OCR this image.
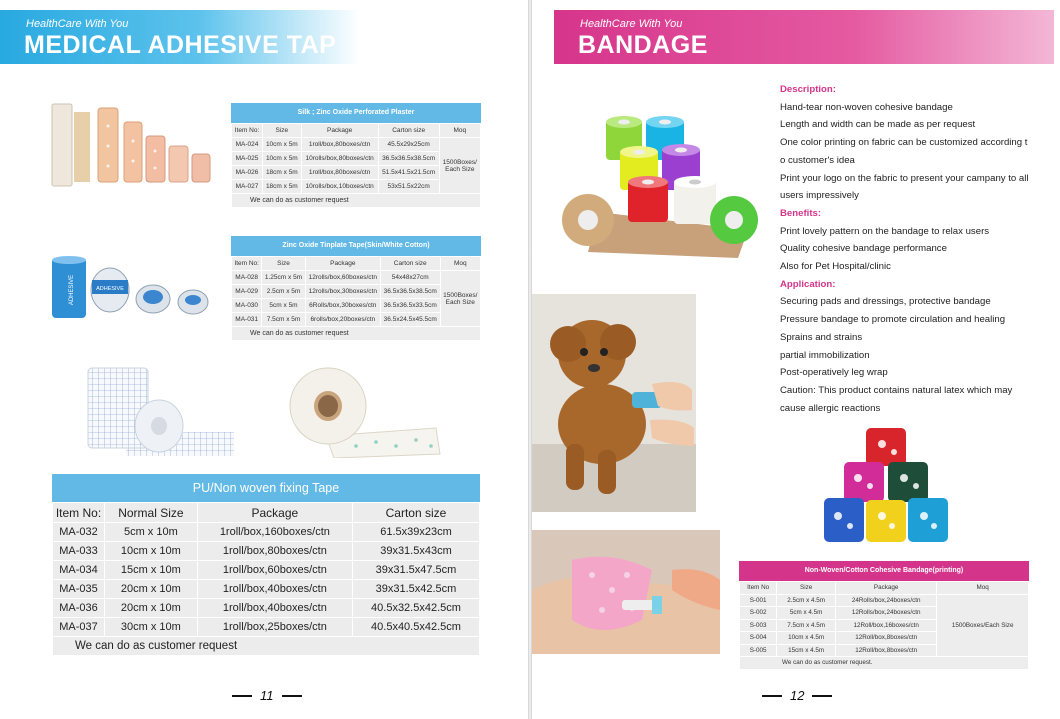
HealthCare With You
MEDICAL ADHESIVE TAP
Silk ; Zinc Oxide Perforated Plaster
Item No:	Size	Package	Carton size	Moq
MA-024	10cm x 5m	1roll/box,80boxes/ctn	45.5x29x25cm	1500Boxes/
Each Size
MA-025	10cm x 5m	10rolls/box,80boxes/ctn	36.5x36.5x38.5cm	
MA-026	18cm x 5m	1roll/box,80boxes/ctn	51.5x41.5x21.5cm	
MA-027	18cm x 5m	10rolls/box,10boxes/ctn	53x51.5x22cm	
We can do as customer request				
ADHESIVE	ADHESIVE
Zinc Oxide Tinplate Tape(Skin/White Cotton)
Item No:	Size	Package	Carton size	Moq
MA-028	1.25cm x 5m	12rolls/box,60boxes/ctn	54x48x27cm	1500Boxes/
Each Size
MA-029	2.5cm x 5m	12rolls/box,30boxes/ctn	36.5x36.5x38.5cm	
MA-030	5cm x 5m	6Rolls/box,30boxes/ctn	36.5x36.5x33.5cm	
MA-031	7.5cm x 5m	6rolls/box,20boxes/ctn	36.5x24.5x45.5cm	
We can do as customer request				
PU/Non woven fixing Tape
Item No:	Normal Size	Package	Carton size
MA-032	5cm x 10m	1roll/box,160boxes/ctn	61.5x39x23cm
MA-033	10cm x 10m	1roll/box,80boxes/ctn	39x31.5x43cm
MA-034	15cm x 10m	1roll/box,60boxes/ctn	39x31.5x47.5cm
MA-035	20cm x 10m	1roll/box,40boxes/ctn	39x31.5x42.5cm
MA-036	20cm x 10m	1roll/box,40boxes/ctn	40.5x32.5x42.5cm
MA-037	30cm x 10m	1roll/box,25boxes/ctn	40.5x40.5x42.5cm
We can do as customer request			
11
HealthCare With You
BANDAGE
Description:
Hand-tear non-woven cohesive bandage
Length and width can be made as per request
One color printing on fabric can be customized according t
o customer's idea
Print your logo on the fabric to present your campany to all
users impressively
Benefits:
Print lovely pattern on the bandage to relax users
Quality cohesive bandage performance
Also for Pet Hospital/clinic
Application:
Securing pads and dressings, protective bandage
Pressure bandage to promote circulation and healing
Sprains and strains
partial immobilization
Post-operatively leg wrap
Caution: This product contains natural latex which may
cause allergic reactions
Non-Woven/Cotton Cohesive Bandage(printing)
Item No	Size	Package	Moq
S-001	2.5cm x 4.5m	24Rolls/box,24boxes/ctn	1500Boxes/Each Size
S-002	5cm x 4.5m	12Rolls/box,24boxes/ctn	
S-003	7.5cm x 4.5m	12Roll/box,16boxes/ctn	
S-004	10cm x 4.5m	12Roll/box,8boxes/ctn	
S-005	15cm x 4.5m	12Roll/box,8boxes/ctn	
We can do as customer request.			
12
